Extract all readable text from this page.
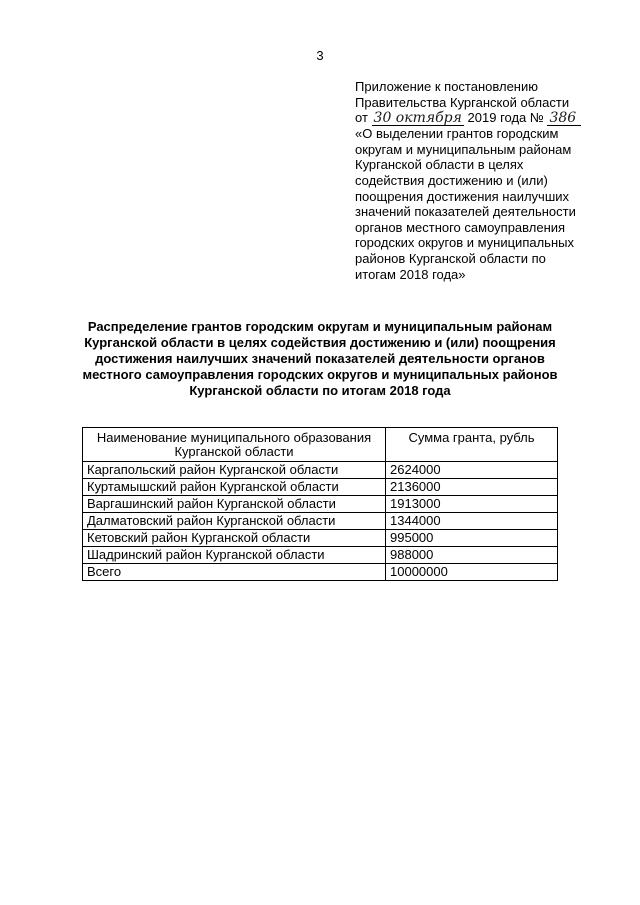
3
Приложение к постановлению
Правительства Курганской области
от 30 октября 2019 года № 386
«О выделении грантов городским
округам и муниципальным районам
Курганской области в целях
содействия достижению и (или)
поощрения достижения наилучших
значений показателей деятельности
органов местного самоуправления
городских округов и муниципальных
районов Курганской области по
итогам 2018 года»
Распределение грантов городским округам и муниципальным районам
Курганской области в целях содействия достижению и (или) поощрения
достижения наилучших значений показателей деятельности органов
местного самоуправления городских округов и муниципальных районов
Курганской области по итогам 2018 года
Наименование муниципального образования Курганской области	Сумма гранта, рубль
Каргапольский район Курганской области	2624000
Куртамышский район Курганской области	2136000
Варгашинский район Курганской области	1913000
Далматовский район Курганской области	1344000
Кетовский район Курганской области	995000
Шадринский район Курганской области	988000
Всего	10000000
